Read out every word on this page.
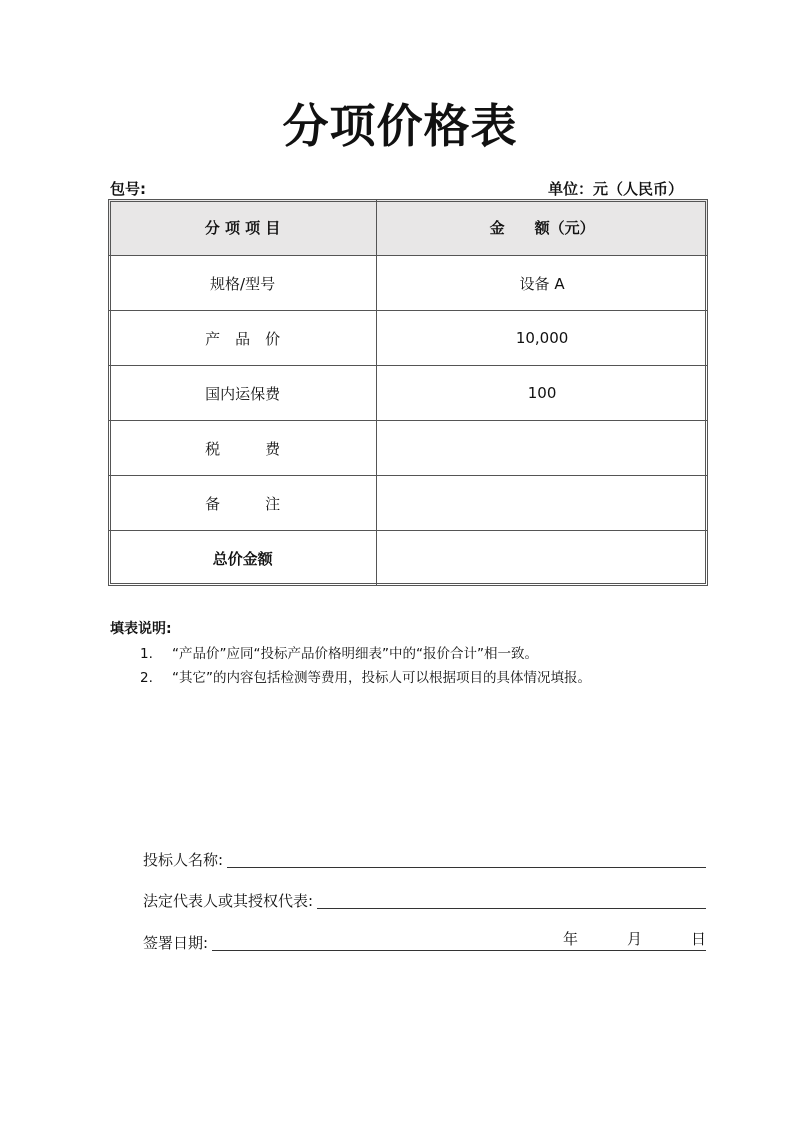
分项价格表
包号:	单位：元（人民币）
分 项 项 目	金　　额（元）
规格/型号	设备 A
产　品　价	10,000
国内运保费	100
税　　　费	
备　　　注	
总价金额	
填表说明:
1.	“产品价”应同“投标产品价格明细表”中的“报价合计”相一致。
2.	“其它”的内容包括检测等费用，投标人可以根据项目的具体情况填报。
投标人名称:
法定代表人或其授权代表:
签署日期:	年	月	日
